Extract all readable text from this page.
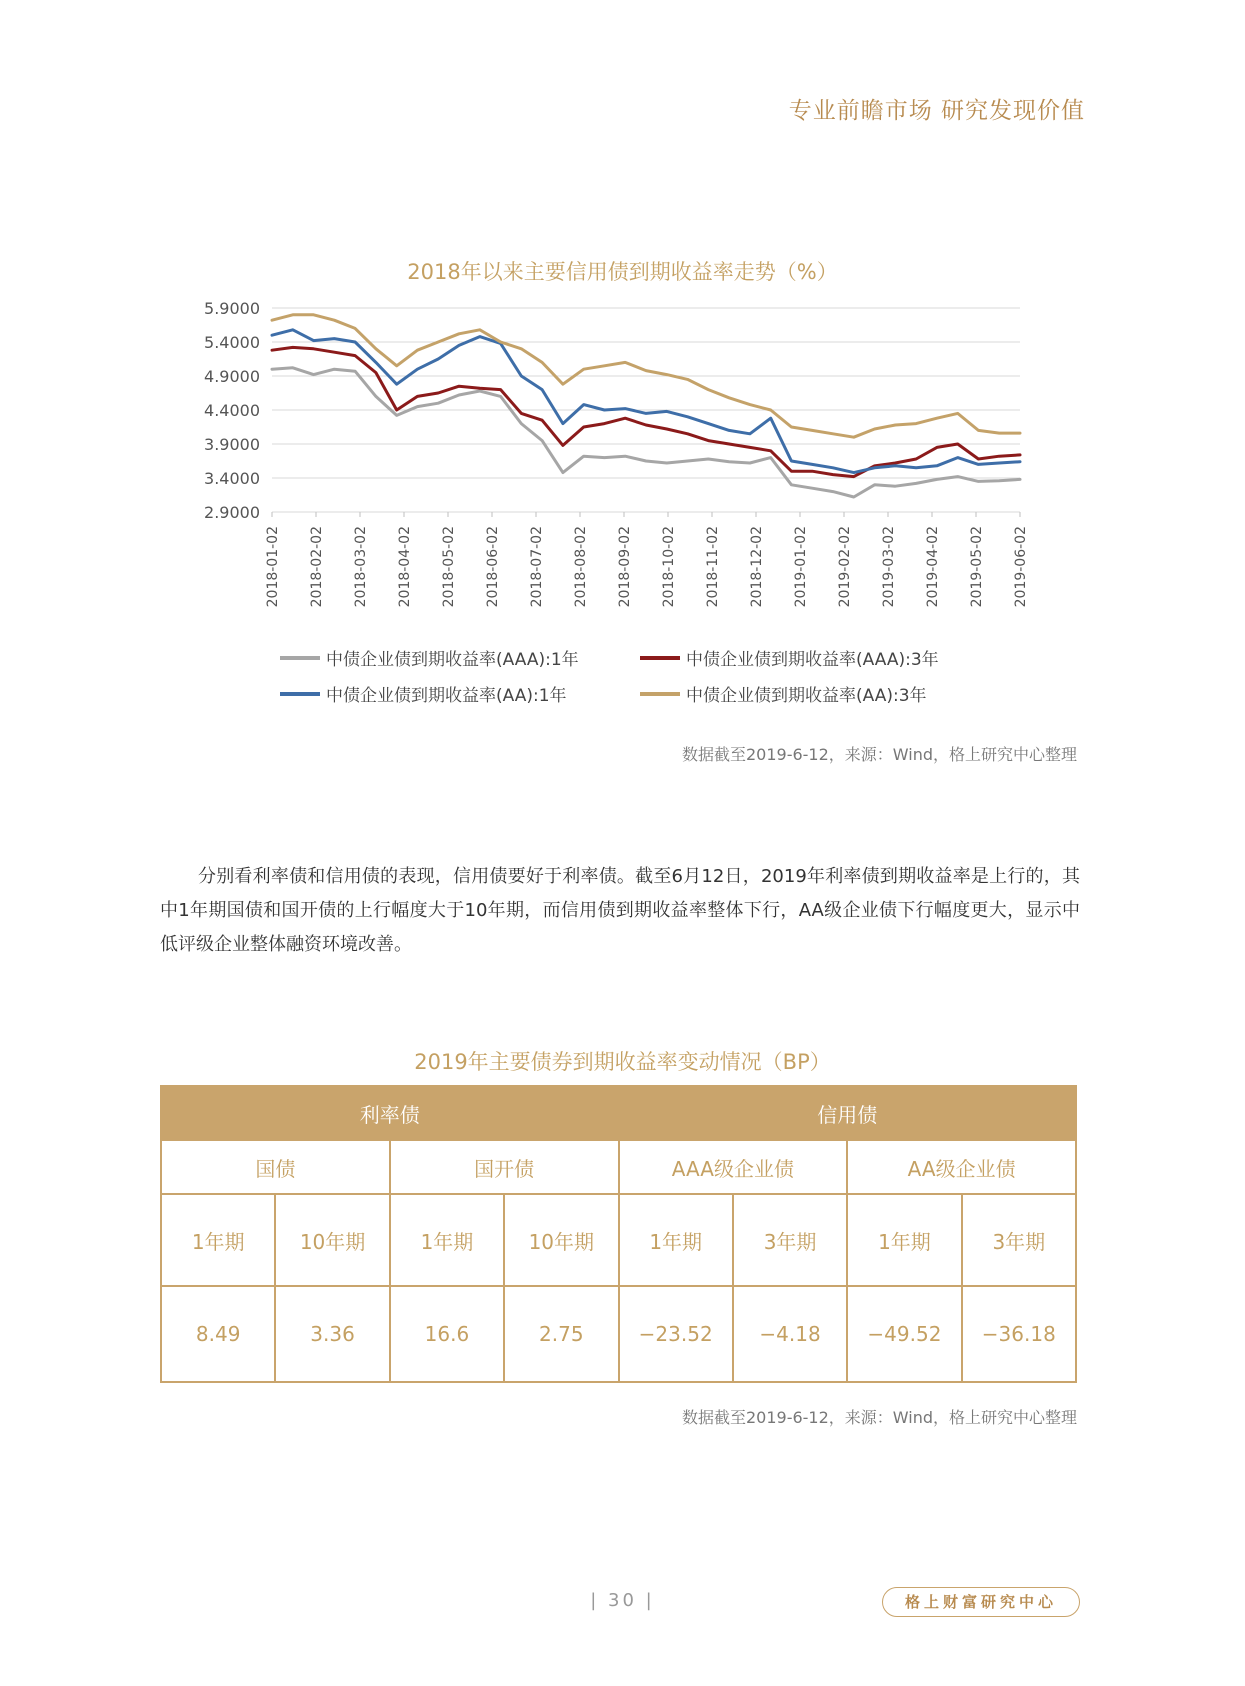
专业前瞻市场 研究发现价值
2018年以来主要信用债到期收益率走势（%）
5.9000
5.4000
4.9000
4.4000
3.9000
3.4000
2.9000
2018-01-02 2018-02-02 2018-03-02 2018-04-02 2018-05-02 2018-06-02 2018-07-02 2018-08-02 2018-09-02 2018-10-02 2018-11-02 2018-12-02 2019-01-02 2019-02-02 2019-03-02 2019-04-02 2019-05-02 2019-06-02
中债企业债到期收益率(AAA):1年	中债企业债到期收益率(AAA):3年
中债企业债到期收益率(AA):1年	中债企业债到期收益率(AA):3年
数据截至2019-6-12，来源：Wind，格上研究中心整理
分别看利率债和信用债的表现，信用债要好于利率债。截至6月12日，2019年利率债到期收益率是上行的，其中1年期国债和国开债的上行幅度大于10年期，而信用债到期收益率整体下行，AA级企业债下行幅度更大，显示中低评级企业整体融资环境改善。
2019年主要债券到期收益率变动情况（BP）
利率债				信用债			
国债		国开债		AAA级企业债		AA级企业债	
1年期	10年期	1年期	10年期	1年期	3年期	1年期	3年期
8.49	3.36	16.6	2.75	−23.52	−4.18	−49.52	−36.18
数据截至2019-6-12，来源：Wind，格上研究中心整理
| 30 |	格上财富研究中心
